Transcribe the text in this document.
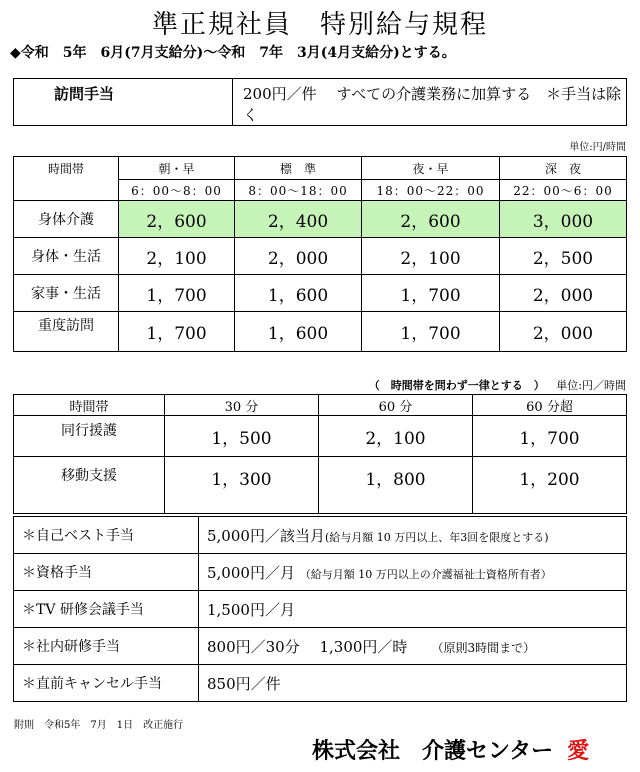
準正規社員　特別給与規程
◆令和　5年　6月(7月支給分)～令和　7年　3月(4月支給分)とする。
訪問手当	200円／件　 すべての介護業務に加算する　＊手当は除く
単位:円/時間
時間帯	朝・早	標　準	夜・早	深　夜
	6：00～8：00	8：00～18：00	18：00～22：00	22：00～6：00
身体介護	2，600	2，400	2，600	3，000
身体・生活	2，100	2，000	2，100	2，500
家事・生活	1，700	1，600	1，700	2，000
重度訪問	1，700	1，600	1，700	2，000
（　時間帯を問わず一律とする　） 単位:円／時間
時間帯	30 分	60 分	60 分超
同行援護	1，500	2，100	1，700
移動支援	1，300	1，800	1，200
＊自己ベスト手当	5,000円／該当月(給与月額 10 万円以上、年3回を限度とする)
＊資格手当	5,000円／月 （給与月額 10 万円以上の介護福祉士資格所有者）
＊TV 研修会議手当	1,500円／月
＊社内研修手当	800円／30分　 1,300円／時　　 （原則3時間まで）
＊直前キャンセル手当	850円／件
附則　令和5年　7月　1日　改正施行
株式会社　介護センター 愛
